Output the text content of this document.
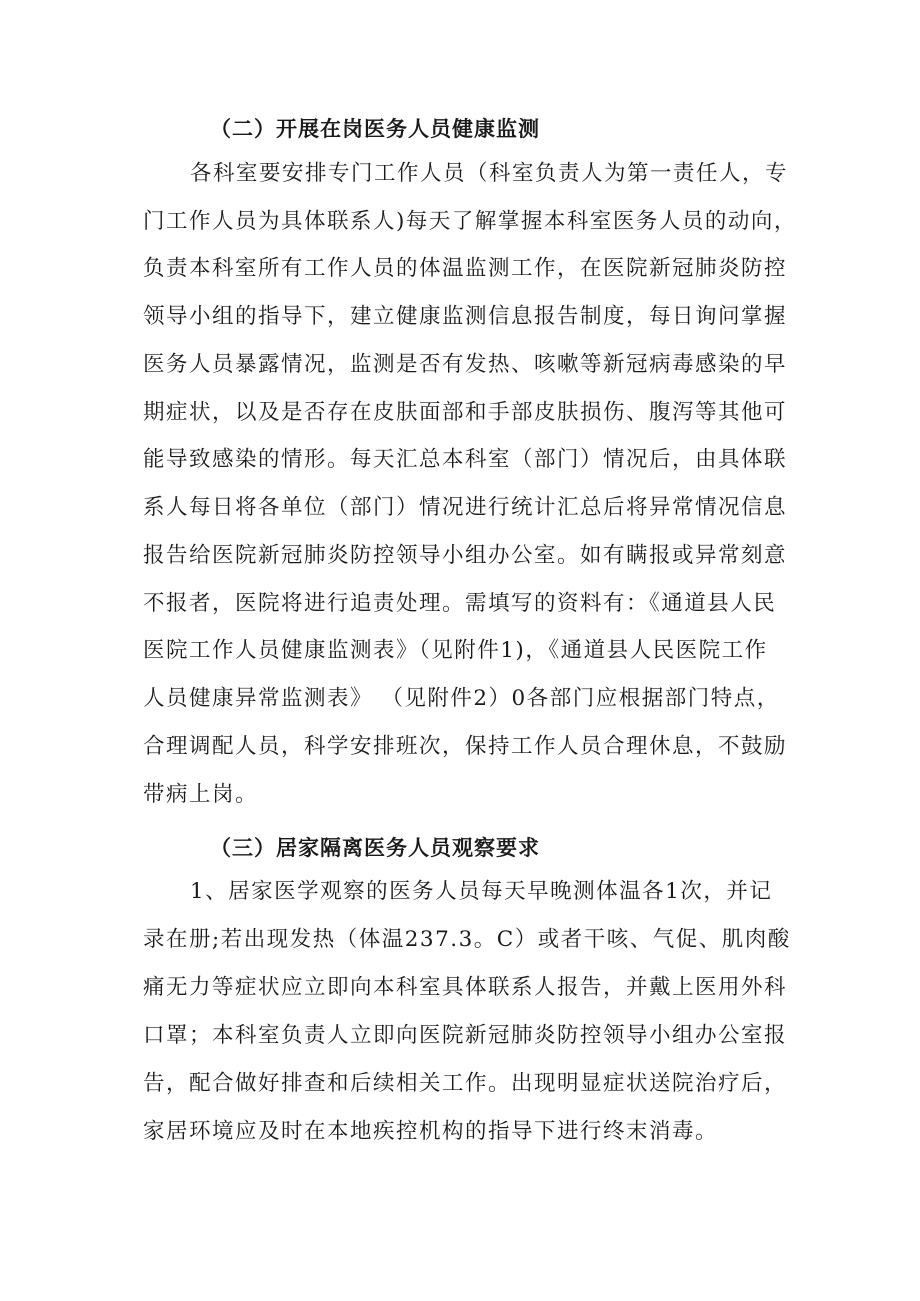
（二）开展在岗医务人员健康监测

各科室要安排专门工作人员（科室负责人为第一责任人，专

门工作人员为具体联系人)每天了解掌握本科室医务人员的动向，

负责本科室所有工作人员的体温监测工作，在医院新冠肺炎防控

领导小组的指导下，建立健康监测信息报告制度，每日询问掌握

医务人员暴露情况，监测是否有发热、咳嗽等新冠病毒感染的早

期症状，以及是否存在皮肤面部和手部皮肤损伤、腹泻等其他可

能导致感染的情形。每天汇总本科室（部门）情况后，由具体联

系人每日将各单位（部门）情况进行统计汇总后将异常情况信息

报告给医院新冠肺炎防控领导小组办公室。如有瞒报或异常刻意

不报者，医院将进行追责处理。需填写的资料有：《通道县人民

医院工作人员健康监测表》（见附件1)，《通道县人民医院工作

人员健康异常监测表》 （见附件2）0各部门应根据部门特点，

合理调配人员，科学安排班次，保持工作人员合理休息，不鼓励

带病上岗。

（三）居家隔离医务人员观察要求

1、居家医学观察的医务人员每天早晚测体温各1次，并记

录在册;若出现发热（体温237.3。C）或者干咳、气促、肌肉酸

痛无力等症状应立即向本科室具体联系人报告，并戴上医用外科

口罩；本科室负责人立即向医院新冠肺炎防控领导小组办公室报

告，配合做好排查和后续相关工作。出现明显症状送院治疗后，

家居环境应及时在本地疾控机构的指导下进行终末消毒。
